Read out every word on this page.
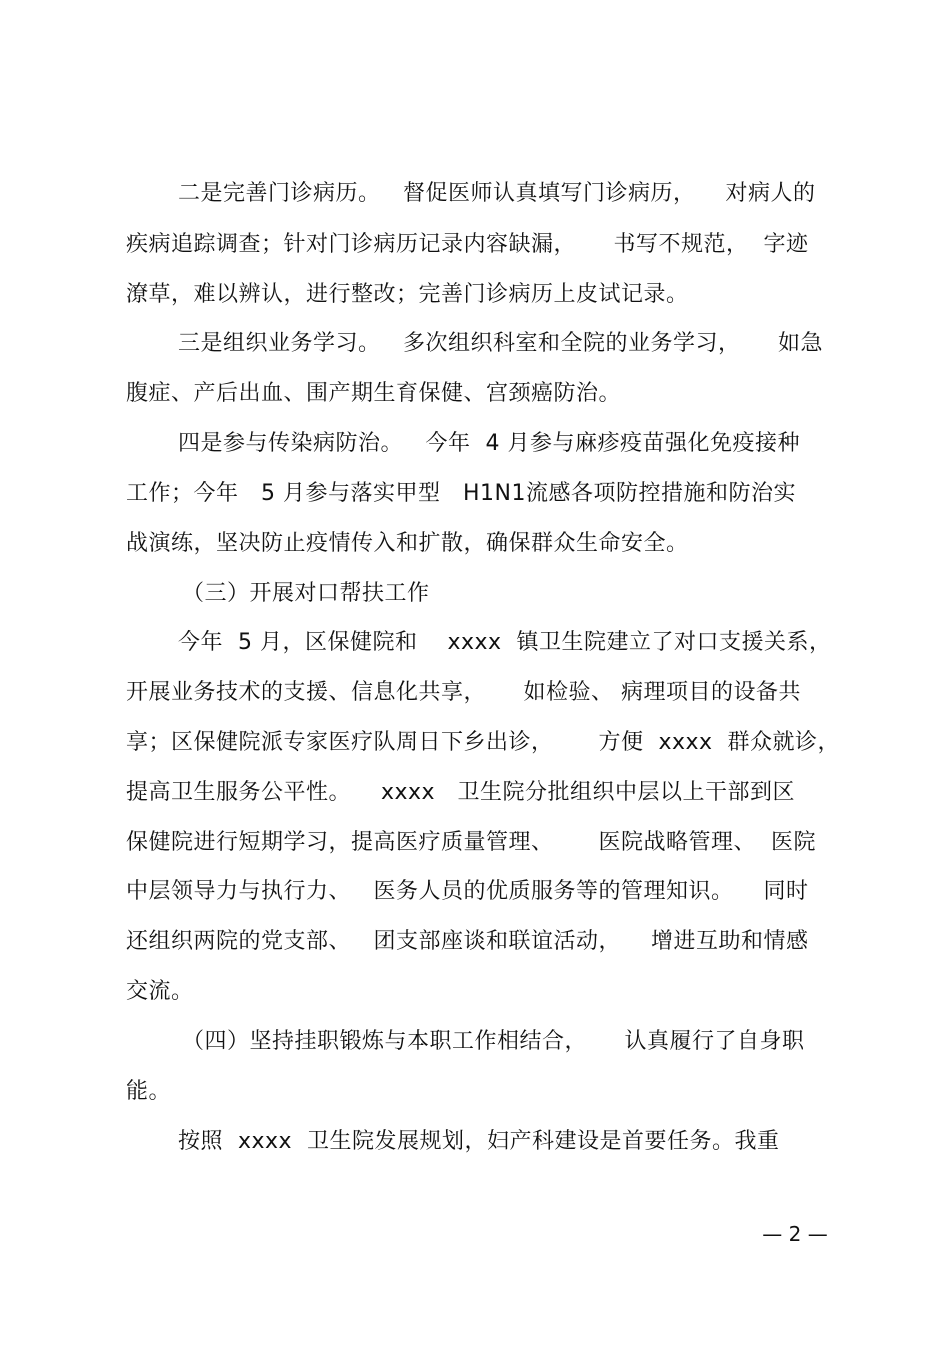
二是完善门诊病历。   督促医师认真填写门诊病历，    对病人的
疾病追踪调查；针对门诊病历记录内容缺漏，     书写不规范，  字迹
潦草，难以辨认，进行整改；完善门诊病历上皮试记录。
三是组织业务学习。   多次组织科室和全院的业务学习，     如急
腹症、产后出血、围产期生育保健、宫颈癌防治。
四是参与传染病防治。   今年  4 月参与麻疹疫苗强化免疫接种
工作；今年   5 月参与落实甲型   H1N1流感各项防控措施和防治实
战演练，坚决防止疫情传入和扩散，确保群众生命安全。
（三）开展对口帮扶工作
今年  5 月，区保健院和    xxxx  镇卫生院建立了对口支援关系，
开展业务技术的支援、信息化共享，     如检验、 病理项目的设备共
享；区保健院派专家医疗队周日下乡出诊，      方便  xxxx  群众就诊，
提高卫生服务公平性。    xxxx   卫生院分批组织中层以上干部到区
保健院进行短期学习，提高医疗质量管理、      医院战略管理、  医院
中层领导力与执行力、   医务人员的优质服务等的管理知识。    同时
还组织两院的党支部、   团支部座谈和联谊活动，    增进互助和情感
交流。
（四）坚持挂职锻炼与本职工作相结合，     认真履行了自身职
能。
按照  xxxx  卫生院发展规划，妇产科建设是首要任务。我重
— 2 —
